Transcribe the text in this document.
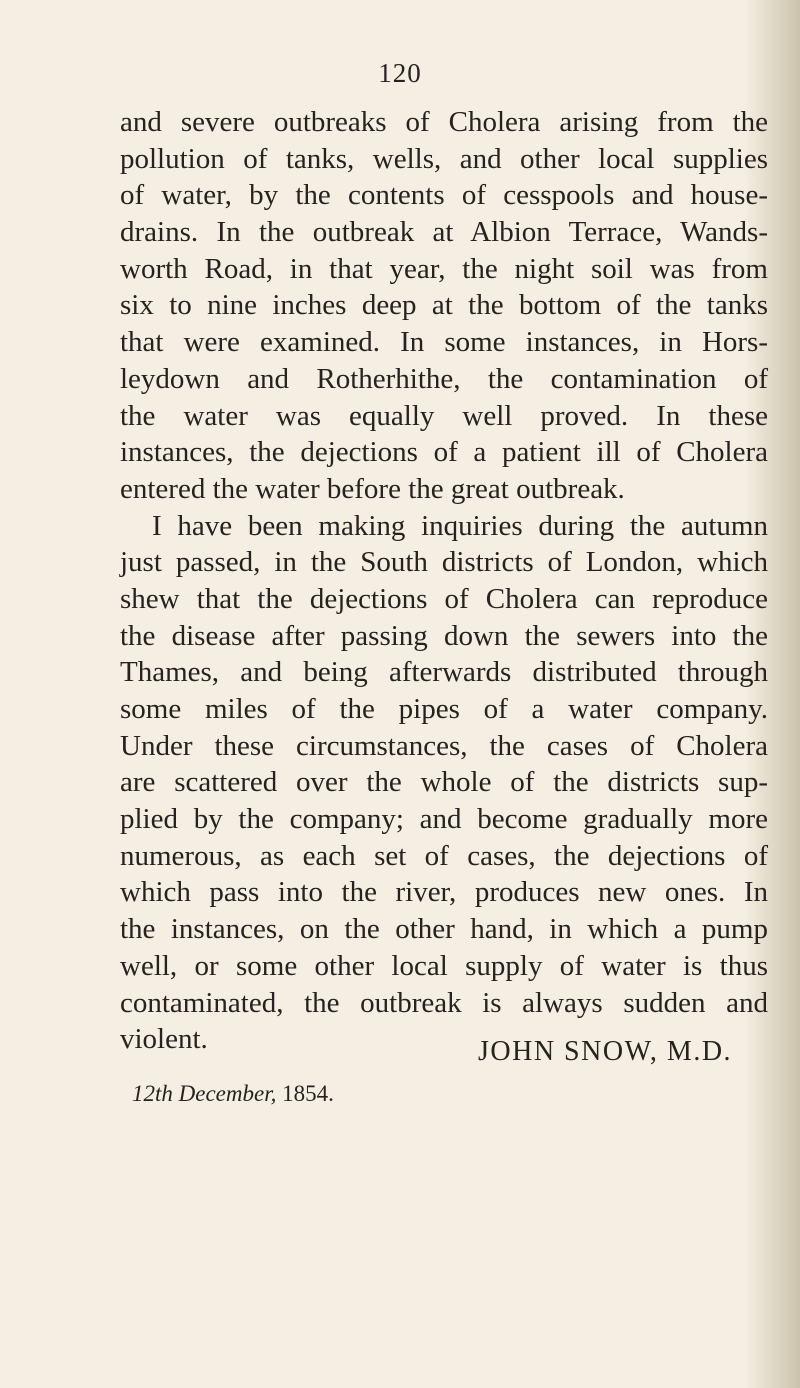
120

and severe outbreaks of Cholera arising from the
pollution of tanks, wells, and other local supplies
of water, by the contents of cesspools and house-
drains. In the outbreak at Albion Terrace, Wands-
worth Road, in that year, the night soil was from
six to nine inches deep at the bottom of the tanks
that were examined. In some instances, in Hors-
leydown and Rotherhithe, the contamination of
the water was equally well proved. In these
instances, the dejections of a patient ill of Cholera
entered the water before the great outbreak.
I have been making inquiries during the autumn
just passed, in the South districts of London, which
shew that the dejections of Cholera can reproduce
the disease after passing down the sewers into the
Thames, and being afterwards distributed through
some miles of the pipes of a water company.
Under these circumstances, the cases of Cholera
are scattered over the whole of the districts sup-
plied by the company; and become gradually more
numerous, as each set of cases, the dejections of
which pass into the river, produces new ones. In
the instances, on the other hand, in which a pump
well, or some other local supply of water is thus
contaminated, the outbreak is always sudden and
violent.	JOHN SNOW, M.D.

12th December, 1854.
